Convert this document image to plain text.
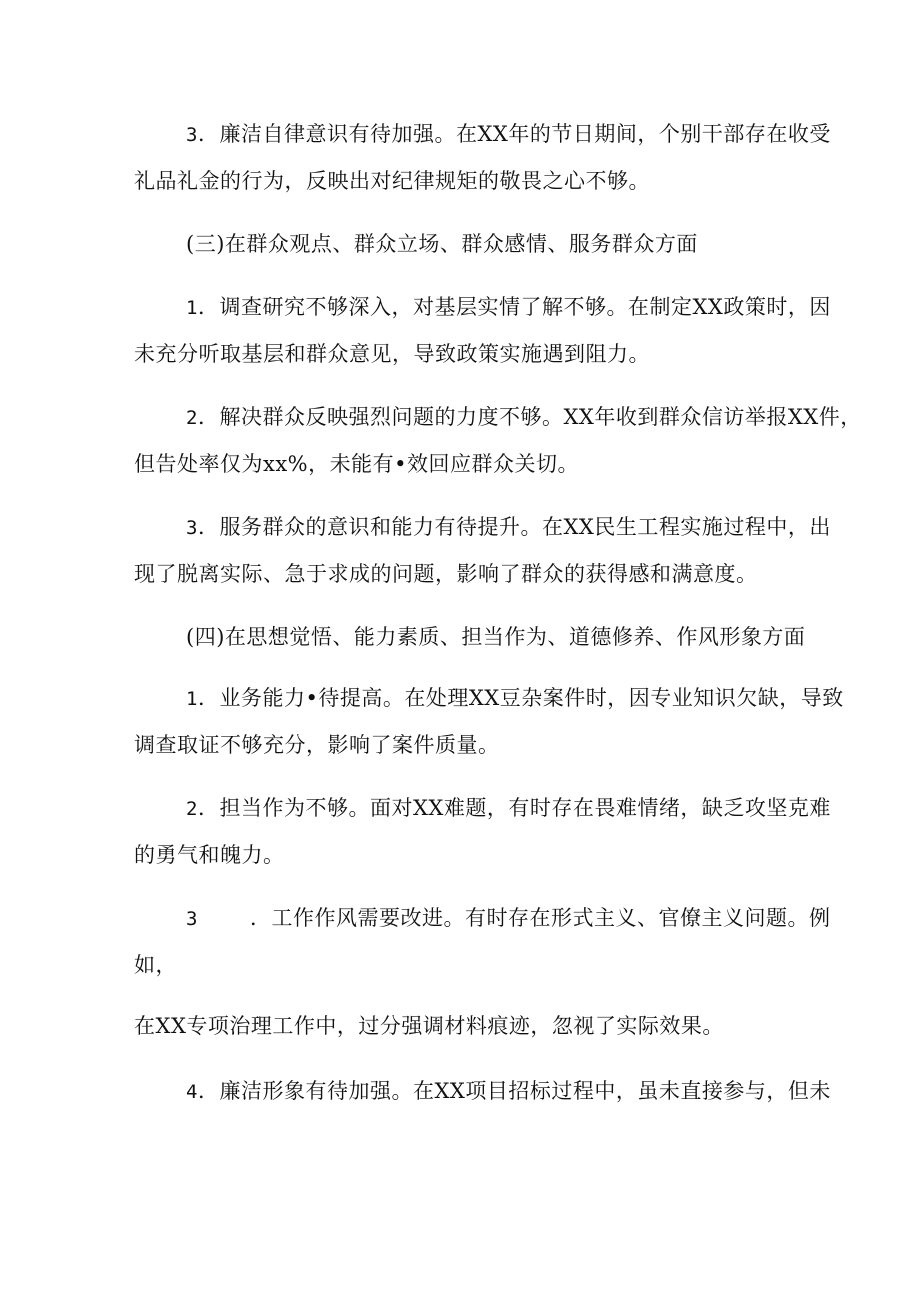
3．廉洁自律意识有待加强。在XX年的节日期间，个别干部存在收受
礼品礼金的行为，反映出对纪律规矩的敬畏之心不够。
(三)在群众观点、群众立场、群众感情、服务群众方面
1．调查研究不够深入，对基层实情了解不够。在制定XX政策时，因
未充分听取基层和群众意见，导致政策实施遇到阻力。
2．解决群众反映强烈问题的力度不够。XX年收到群众信访举报XX件，
但告处率仅为xx%，未能有•效回应群众关切。
3．服务群众的意识和能力有待提升。在XX民生工程实施过程中，出
现了脱离实际、急于求成的问题，影响了群众的获得感和满意度。
(四)在思想觉悟、能力素质、担当作为、道德修养、作风形象方面
1．业务能力•待提高。在处理XX豆杂案件时，因专业知识欠缺，导致
调查取证不够充分，影响了案件质量。
2．担当作为不够。面对XX难题，有时存在畏难情绪，缺乏攻坚克难
的勇气和魄力。
3 ．工作作风需要改进。有时存在形式主义、官僚主义问题。例
如，
在XX专项治理工作中，过分强调材料痕迹，忽视了实际效果。
4．廉洁形象有待加强。在XX项目招标过程中，虽未直接参与，但未
